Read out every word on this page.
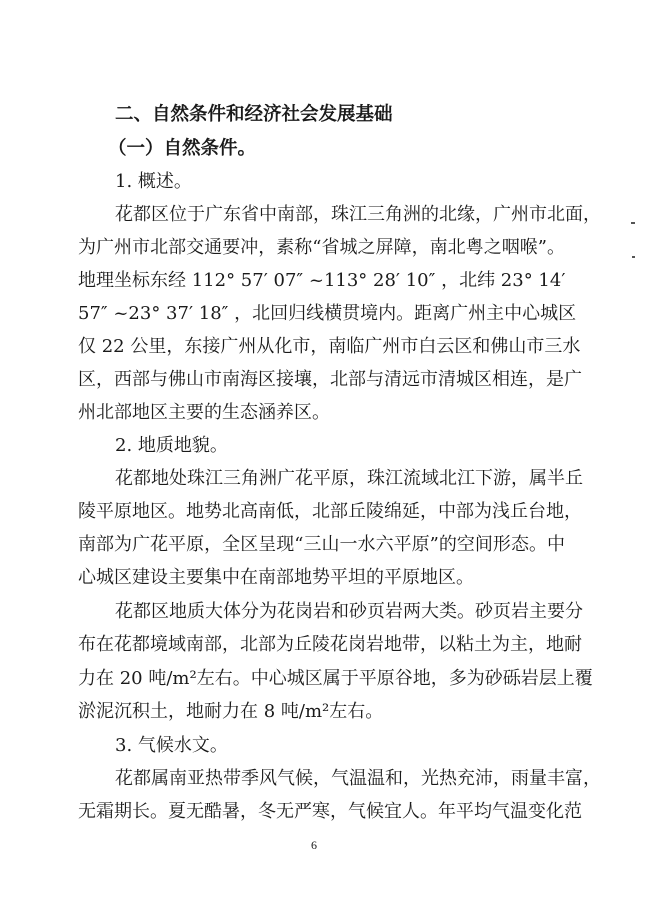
二、自然条件和经济社会发展基础
（一）自然条件。
1. 概述。
花都区位于广东省中南部，珠江三角洲的北缘，广州市北面，
为广州市北部交通要冲，素称“省城之屏障，南北粤之咽喉”。
地理坐标东经 112° 57′ 07″ ~113° 28′ 10″ ，北纬 23° 14′
57″ ~23° 37′ 18″ ，北回归线横贯境内。距离广州主中心城区
仅 22 公里，东接广州从化市，南临广州市白云区和佛山市三水
区，西部与佛山市南海区接壤，北部与清远市清城区相连，是广
州北部地区主要的生态涵养区。
2. 地质地貌。
花都地处珠江三角洲广花平原，珠江流域北江下游，属半丘
陵平原地区。地势北高南低，北部丘陵绵延，中部为浅丘台地，
南部为广花平原，全区呈现“三山一水六平原”的空间形态。中
心城区建设主要集中在南部地势平坦的平原地区。
花都区地质大体分为花岗岩和砂页岩两大类。砂页岩主要分
布在花都境域南部，北部为丘陵花岗岩地带，以粘土为主，地耐
力在 20 吨/m²左右。中心城区属于平原谷地，多为砂砾岩层上覆
淤泥沉积土，地耐力在 8 吨/m²左右。
3. 气候水文。
花都属南亚热带季风气候，气温温和，光热充沛，雨量丰富，
无霜期长。夏无酷暑，冬无严寒，气候宜人。年平均气温变化范
6
